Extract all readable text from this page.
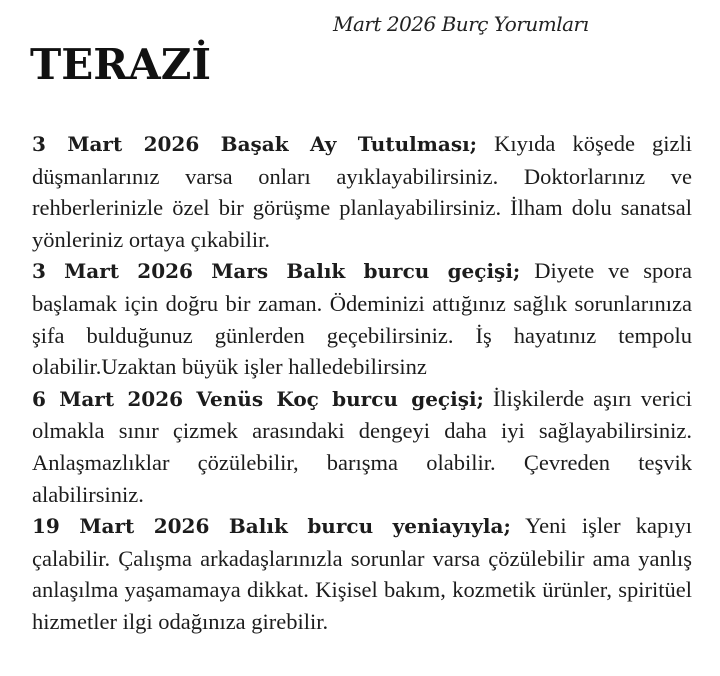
Mart 2026 Burç Yorumları
TERAZİ

3 Mart 2026 Başak Ay Tutulması; Kıyıda köşede gizli düşmanlarınız varsa onları ayıklayabilirsiniz. Doktorlarınız ve rehberlerinizle özel bir görüşme planlayabilirsiniz. İlham dolu sanatsal yönleriniz ortaya çıkabilir.

3 Mart 2026 Mars Balık burcu geçişi; Diyete ve spora başlamak için doğru bir zaman. Ödeminizi attığınız sağlık sorunlarınıza şifa bulduğunuz günlerden geçebilirsiniz. İş hayatınız tempolu olabilir.Uzaktan büyük işler halledebilirsinz

6 Mart 2026 Venüs Koç burcu geçişi; İlişkilerde aşırı verici olmakla sınır çizmek arasındaki dengeyi daha iyi sağlayabilirsiniz. Anlaşmazlıklar çözülebilir, barışma olabilir. Çevreden teşvik alabilirsiniz.

19 Mart 2026 Balık burcu yeniayıyla; Yeni işler kapıyı çalabilir. Çalışma arkadaşlarınızla sorunlar varsa çözülebilir ama yanlış anlaşılma yaşamamaya dikkat. Kişisel bakım, kozmetik ürünler, spiritüel hizmetler ilgi odağınıza girebilir.
